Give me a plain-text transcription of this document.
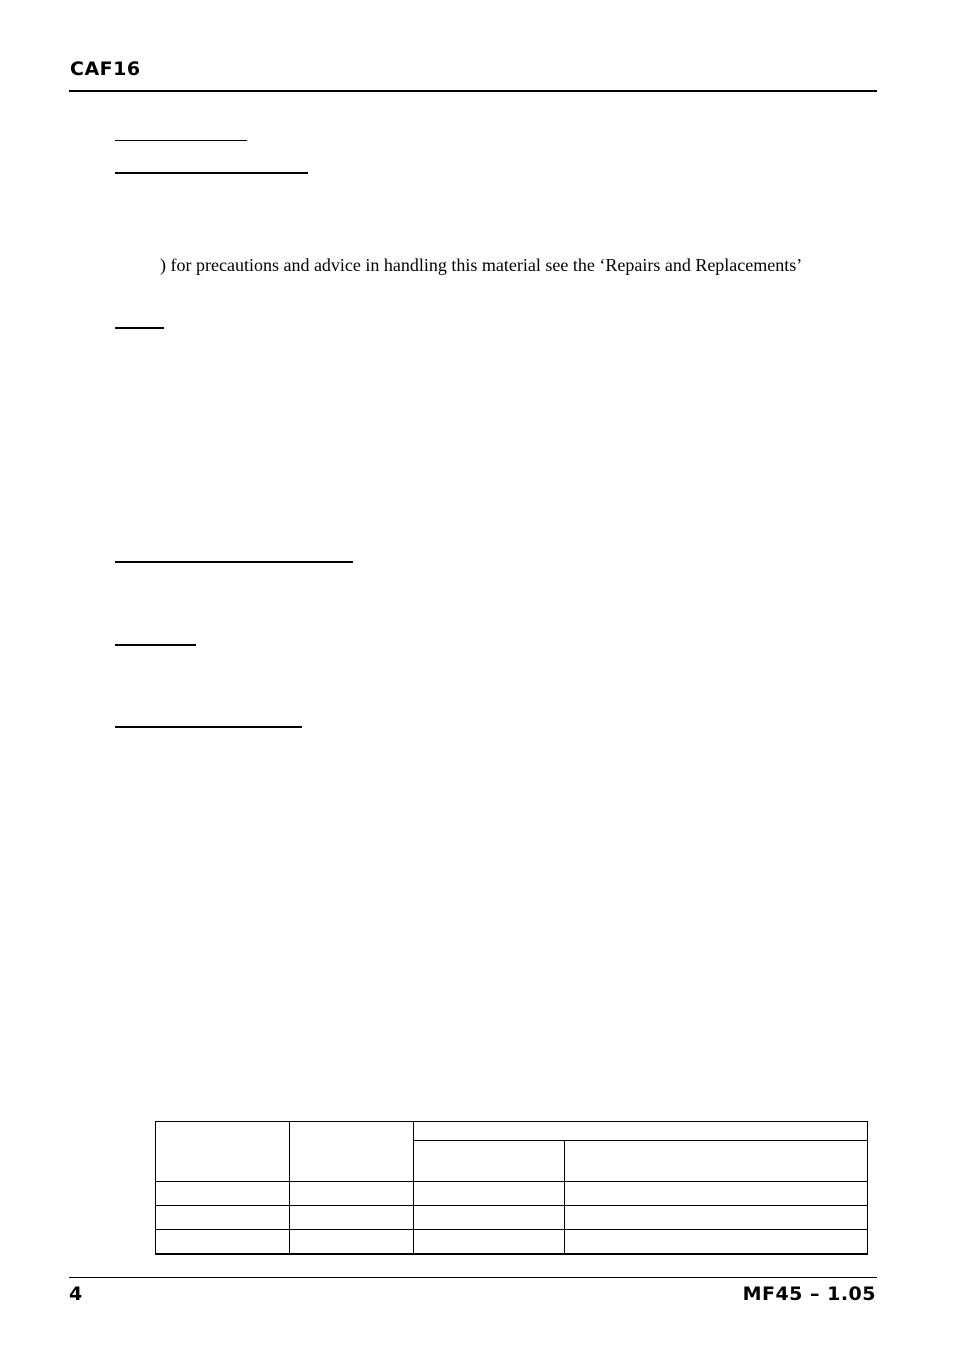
CAF16
) for precautions and advice in handling this material see the ‘Repairs and Replacements’

4	MF45 – 1.05
